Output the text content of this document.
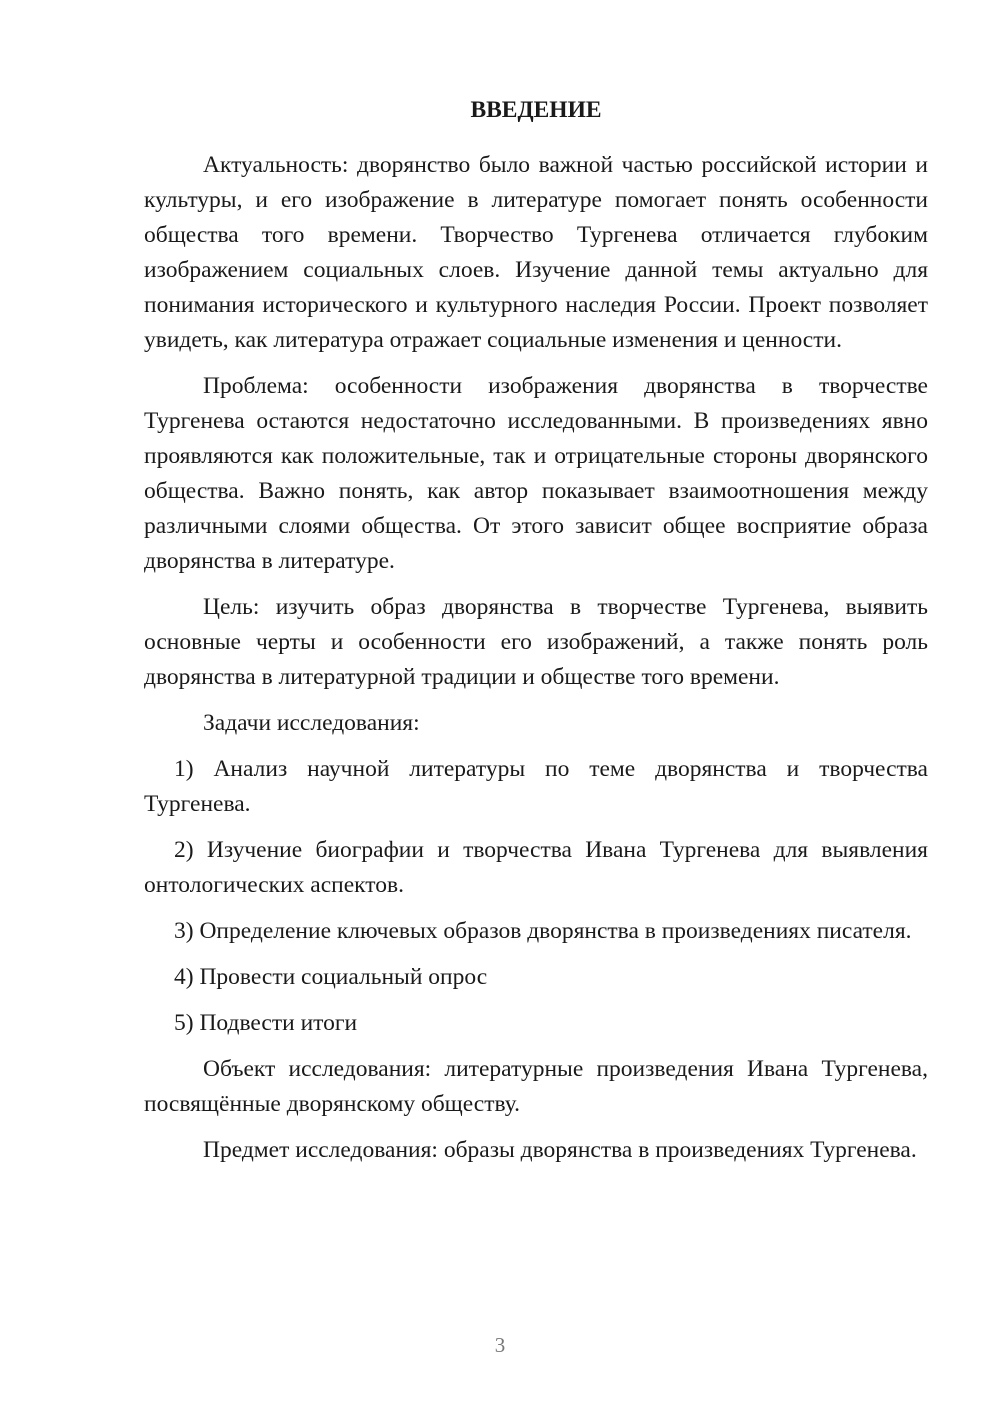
ВВЕДЕНИЕ

Актуальность: дворянство было важной частью российской истории и культуры, и его изображение в литературе помогает понять особенности общества того времени. Творчество Тургенева отличается глубоким изображением социальных слоев. Изучение данной темы актуально для понимания исторического и культурного наследия России. Проект позволяет увидеть, как литература отражает социальные изменения и ценности.

Проблема: особенности изображения дворянства в творчестве Тургенева остаются недостаточно исследованными. В произведениях явно проявляются как положительные, так и отрицательные стороны дворянского общества. Важно понять, как автор показывает взаимоотношения между различными слоями общества. От этого зависит общее восприятие образа дворянства в литературе.

Цель: изучить образ дворянства в творчестве Тургенева, выявить основные черты и особенности его изображений, а также понять роль дворянства в литературной традиции и обществе того времени.

Задачи исследования:

1) Анализ научной литературы по теме дворянства и творчества Тургенева.

2) Изучение биографии и творчества Ивана Тургенева для выявления онтологических аспектов.

3) Определение ключевых образов дворянства в произведениях писателя.

4) Провести социальный опрос

5) Подвести итоги

Объект исследования: литературные произведения Ивана Тургенева, посвящённые дворянскому обществу.

Предмет исследования: образы дворянства в произведениях Тургенева.

3
